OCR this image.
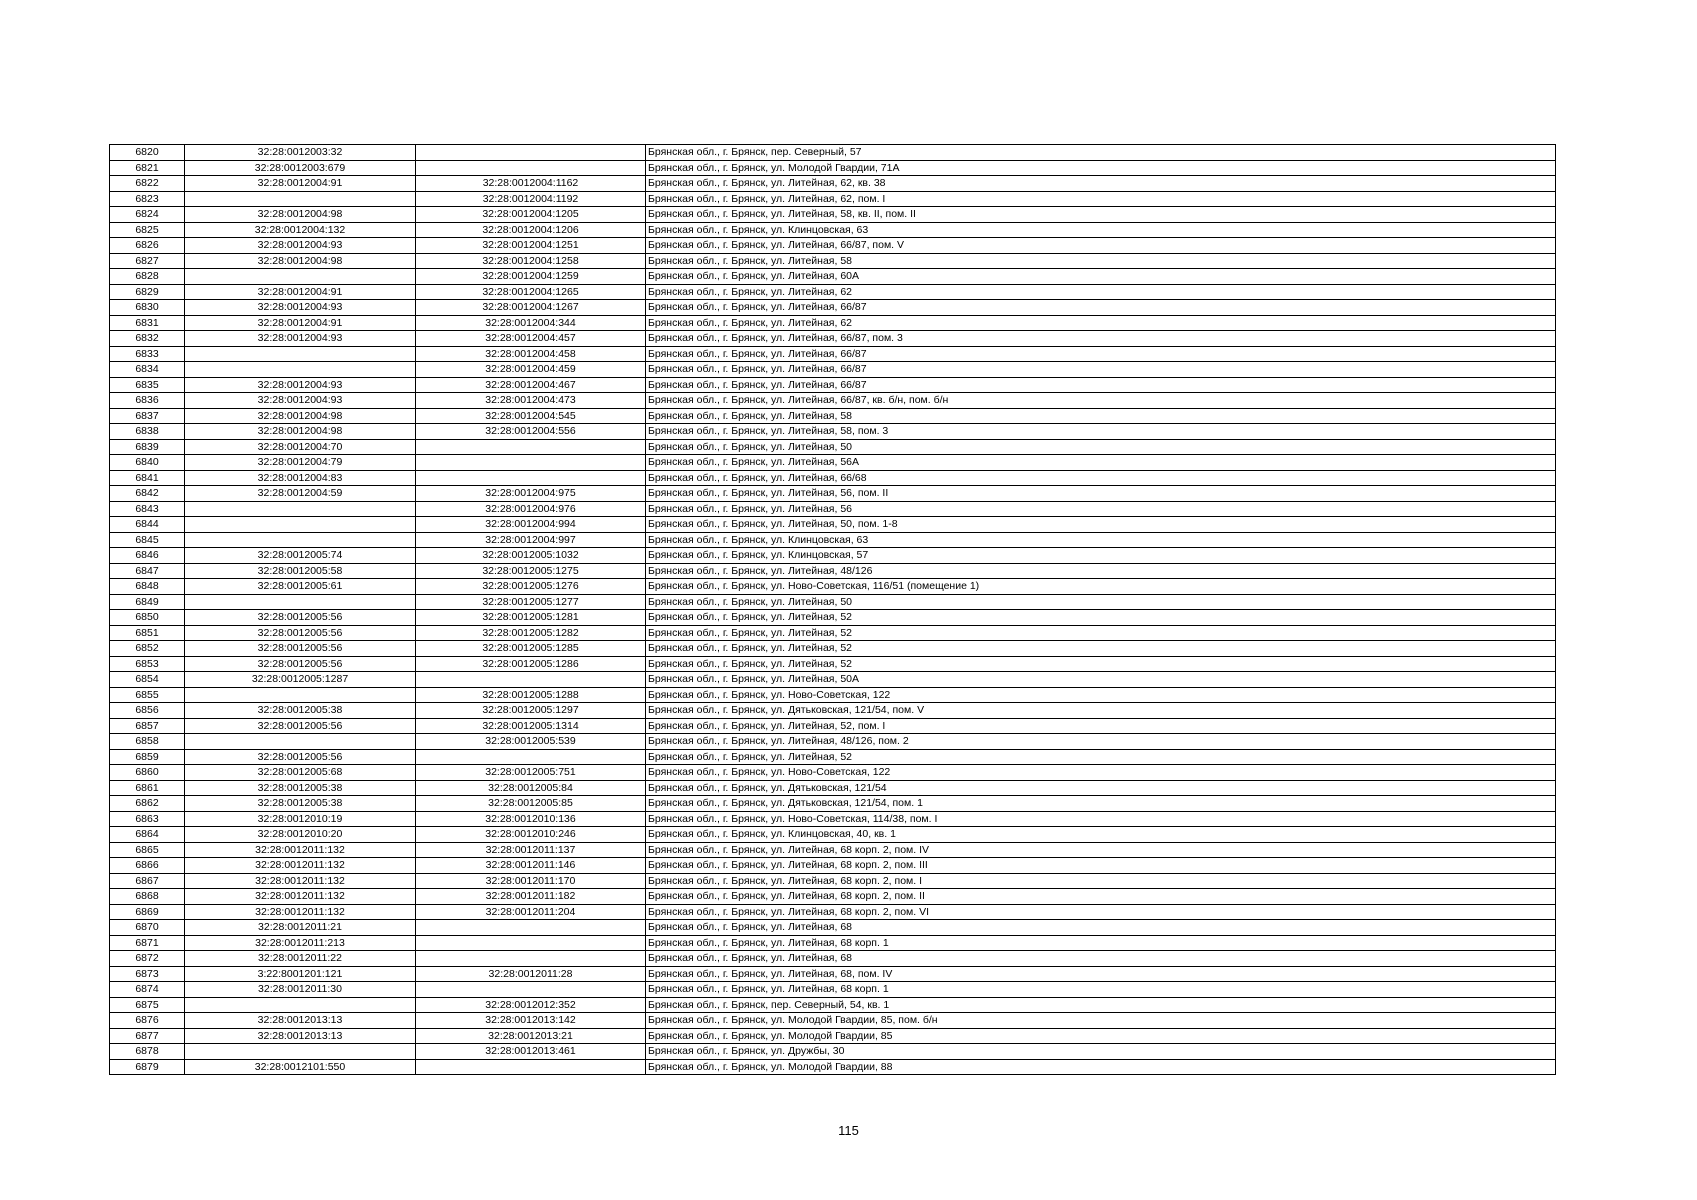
6820	32:28:0012003:32		Брянская обл., г. Брянск, пер. Северный, 57
6821	32:28:0012003:679		Брянская обл., г. Брянск, ул. Молодой Гвардии, 71А
6822	32:28:0012004:91	32:28:0012004:1162	Брянская обл., г. Брянск, ул. Литейная, 62, кв. 38
6823		32:28:0012004:1192	Брянская обл., г. Брянск, ул. Литейная, 62, пом. I
6824	32:28:0012004:98	32:28:0012004:1205	Брянская обл., г. Брянск, ул. Литейная, 58, кв. II, пом. II
6825	32:28:0012004:132	32:28:0012004:1206	Брянская обл., г. Брянск, ул. Клинцовская, 63
6826	32:28:0012004:93	32:28:0012004:1251	Брянская обл., г. Брянск, ул. Литейная, 66/87, пом. V
6827	32:28:0012004:98	32:28:0012004:1258	Брянская обл., г. Брянск, ул. Литейная, 58
6828		32:28:0012004:1259	Брянская обл., г. Брянск, ул. Литейная, 60А
6829	32:28:0012004:91	32:28:0012004:1265	Брянская обл., г. Брянск, ул. Литейная, 62
6830	32:28:0012004:93	32:28:0012004:1267	Брянская обл., г. Брянск, ул. Литейная, 66/87
6831	32:28:0012004:91	32:28:0012004:344	Брянская обл., г. Брянск, ул. Литейная, 62
6832	32:28:0012004:93	32:28:0012004:457	Брянская обл., г. Брянск, ул. Литейная, 66/87, пом. 3
6833		32:28:0012004:458	Брянская обл., г. Брянск, ул. Литейная, 66/87
6834		32:28:0012004:459	Брянская обл., г. Брянск, ул. Литейная, 66/87
6835	32:28:0012004:93	32:28:0012004:467	Брянская обл., г. Брянск, ул. Литейная, 66/87
6836	32:28:0012004:93	32:28:0012004:473	Брянская обл., г. Брянск, ул. Литейная, 66/87, кв. б/н, пом. б/н
6837	32:28:0012004:98	32:28:0012004:545	Брянская обл., г. Брянск, ул. Литейная, 58
6838	32:28:0012004:98	32:28:0012004:556	Брянская обл., г. Брянск, ул. Литейная, 58, пом. 3
6839	32:28:0012004:70		Брянская обл., г. Брянск, ул. Литейная, 50
6840	32:28:0012004:79		Брянская обл., г. Брянск, ул. Литейная, 56А
6841	32:28:0012004:83		Брянская обл., г. Брянск, ул. Литейная, 66/68
6842	32:28:0012004:59	32:28:0012004:975	Брянская обл., г. Брянск, ул. Литейная, 56, пом. II
6843		32:28:0012004:976	Брянская обл., г. Брянск, ул. Литейная, 56
6844		32:28:0012004:994	Брянская обл., г. Брянск, ул. Литейная, 50, пом. 1-8
6845		32:28:0012004:997	Брянская обл., г. Брянск, ул. Клинцовская, 63
6846	32:28:0012005:74	32:28:0012005:1032	Брянская обл., г. Брянск, ул. Клинцовская, 57
6847	32:28:0012005:58	32:28:0012005:1275	Брянская обл., г. Брянск, ул. Литейная, 48/126
6848	32:28:0012005:61	32:28:0012005:1276	Брянская обл., г. Брянск, ул. Ново-Советская, 116/51 (помещение 1)
6849		32:28:0012005:1277	Брянская обл., г. Брянск, ул. Литейная, 50
6850	32:28:0012005:56	32:28:0012005:1281	Брянская обл., г. Брянск, ул. Литейная, 52
6851	32:28:0012005:56	32:28:0012005:1282	Брянская обл., г. Брянск, ул. Литейная, 52
6852	32:28:0012005:56	32:28:0012005:1285	Брянская обл., г. Брянск, ул. Литейная, 52
6853	32:28:0012005:56	32:28:0012005:1286	Брянская обл., г. Брянск, ул. Литейная, 52
6854	32:28:0012005:1287		Брянская обл., г. Брянск, ул. Литейная, 50А
6855		32:28:0012005:1288	Брянская обл., г. Брянск, ул. Ново-Советская, 122
6856	32:28:0012005:38	32:28:0012005:1297	Брянская обл., г. Брянск, ул. Дятьковская, 121/54, пом. V
6857	32:28:0012005:56	32:28:0012005:1314	Брянская обл., г. Брянск, ул. Литейная, 52, пом. I
6858		32:28:0012005:539	Брянская обл., г. Брянск, ул. Литейная, 48/126, пом. 2
6859	32:28:0012005:56		Брянская обл., г. Брянск, ул. Литейная, 52
6860	32:28:0012005:68	32:28:0012005:751	Брянская обл., г. Брянск, ул. Ново-Советская, 122
6861	32:28:0012005:38	32:28:0012005:84	Брянская обл., г. Брянск, ул. Дятьковская, 121/54
6862	32:28:0012005:38	32:28:0012005:85	Брянская обл., г. Брянск, ул. Дятьковская, 121/54, пом. 1
6863	32:28:0012010:19	32:28:0012010:136	Брянская обл., г. Брянск, ул. Ново-Советская, 114/38, пом. I
6864	32:28:0012010:20	32:28:0012010:246	Брянская обл., г. Брянск, ул. Клинцовская, 40, кв. 1
6865	32:28:0012011:132	32:28:0012011:137	Брянская обл., г. Брянск, ул. Литейная, 68 корп. 2, пом. IV
6866	32:28:0012011:132	32:28:0012011:146	Брянская обл., г. Брянск, ул. Литейная, 68 корп. 2, пом. III
6867	32:28:0012011:132	32:28:0012011:170	Брянская обл., г. Брянск, ул. Литейная, 68 корп. 2, пом. I
6868	32:28:0012011:132	32:28:0012011:182	Брянская обл., г. Брянск, ул. Литейная, 68 корп. 2, пом. II
6869	32:28:0012011:132	32:28:0012011:204	Брянская обл., г. Брянск, ул. Литейная, 68 корп. 2, пом. VI
6870	32:28:0012011:21		Брянская обл., г. Брянск, ул. Литейная, 68
6871	32:28:0012011:213		Брянская обл., г. Брянск, ул. Литейная, 68 корп. 1
6872	32:28:0012011:22		Брянская обл., г. Брянск, ул. Литейная, 68
6873	3:22:8001201:121	32:28:0012011:28	Брянская обл., г. Брянск, ул. Литейная, 68, пом. IV
6874	32:28:0012011:30		Брянская обл., г. Брянск, ул. Литейная, 68 корп. 1
6875		32:28:0012012:352	Брянская обл., г. Брянск, пер. Северный, 54, кв. 1
6876	32:28:0012013:13	32:28:0012013:142	Брянская обл., г. Брянск, ул. Молодой Гвардии, 85, пом. б/н
6877	32:28:0012013:13	32:28:0012013:21	Брянская обл., г. Брянск, ул. Молодой Гвардии, 85
6878		32:28:0012013:461	Брянская обл., г. Брянск, ул. Дружбы, 30
6879	32:28:0012101:550		Брянская обл., г. Брянск, ул. Молодой Гвардии, 88
115
